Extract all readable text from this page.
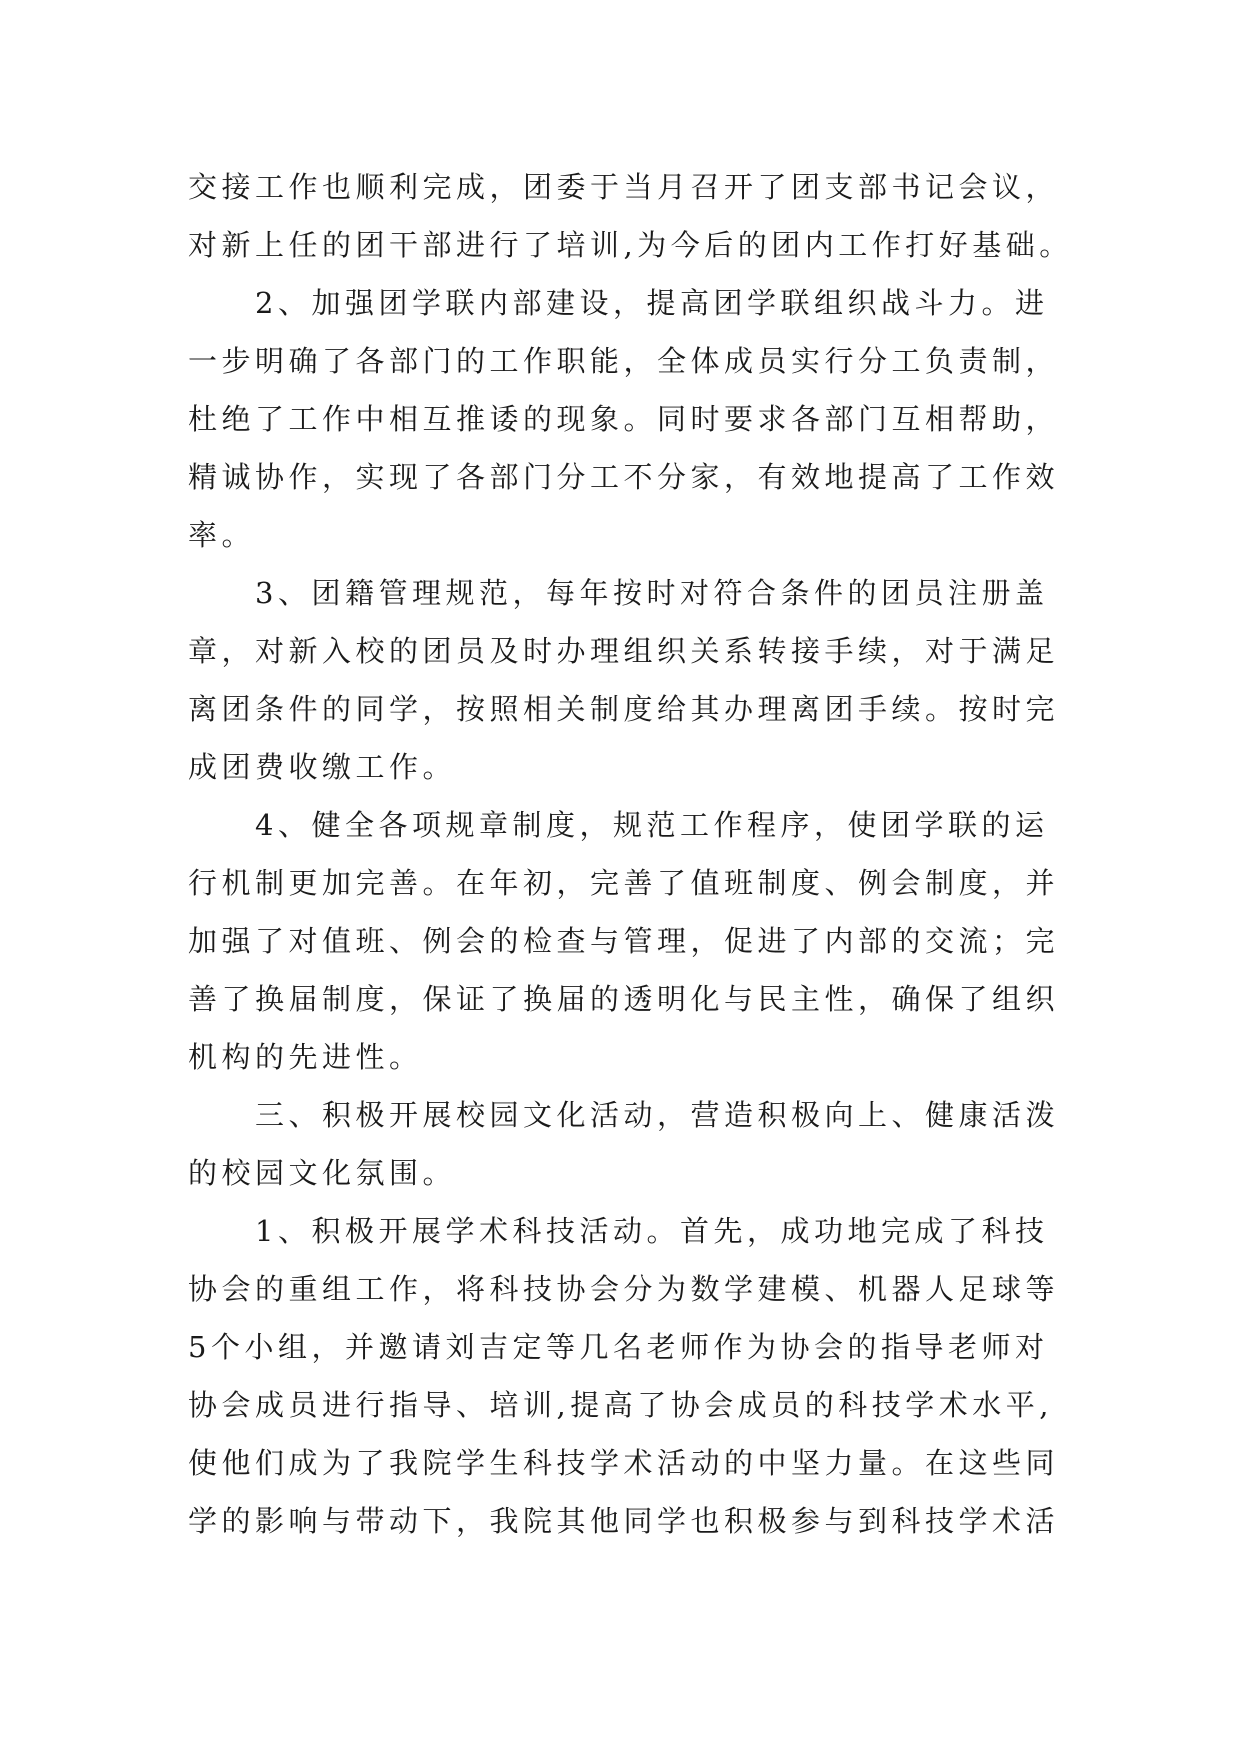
交接工作也顺利完成，团委于当月召开了团支部书记会议，
对新上任的团干部进行了培训,为今后的团内工作打好基础。
　　2、加强团学联内部建设，提高团学联组织战斗力。进
一步明确了各部门的工作职能，全体成员实行分工负责制，
杜绝了工作中相互推诿的现象。同时要求各部门互相帮助，
精诚协作，实现了各部门分工不分家，有效地提高了工作效
率。
　　3、团籍管理规范，每年按时对符合条件的团员注册盖
章，对新入校的团员及时办理组织关系转接手续，对于满足
离团条件的同学，按照相关制度给其办理离团手续。按时完
成团费收缴工作。
　　4、健全各项规章制度，规范工作程序，使团学联的运
行机制更加完善。在年初，完善了值班制度、例会制度，并
加强了对值班、例会的检查与管理，促进了内部的交流；完
善了换届制度，保证了换届的透明化与民主性，确保了组织
机构的先进性。
　　三、积极开展校园文化活动，营造积极向上、健康活泼
的校园文化氛围。
　　1、积极开展学术科技活动。首先，成功地完成了科技
协会的重组工作，将科技协会分为数学建模、机器人足球等
5个小组，并邀请刘吉定等几名老师作为协会的指导老师对
协会成员进行指导、培训,提高了协会成员的科技学术水平,
使他们成为了我院学生科技学术活动的中坚力量。在这些同
学的影响与带动下，我院其他同学也积极参与到科技学术活
